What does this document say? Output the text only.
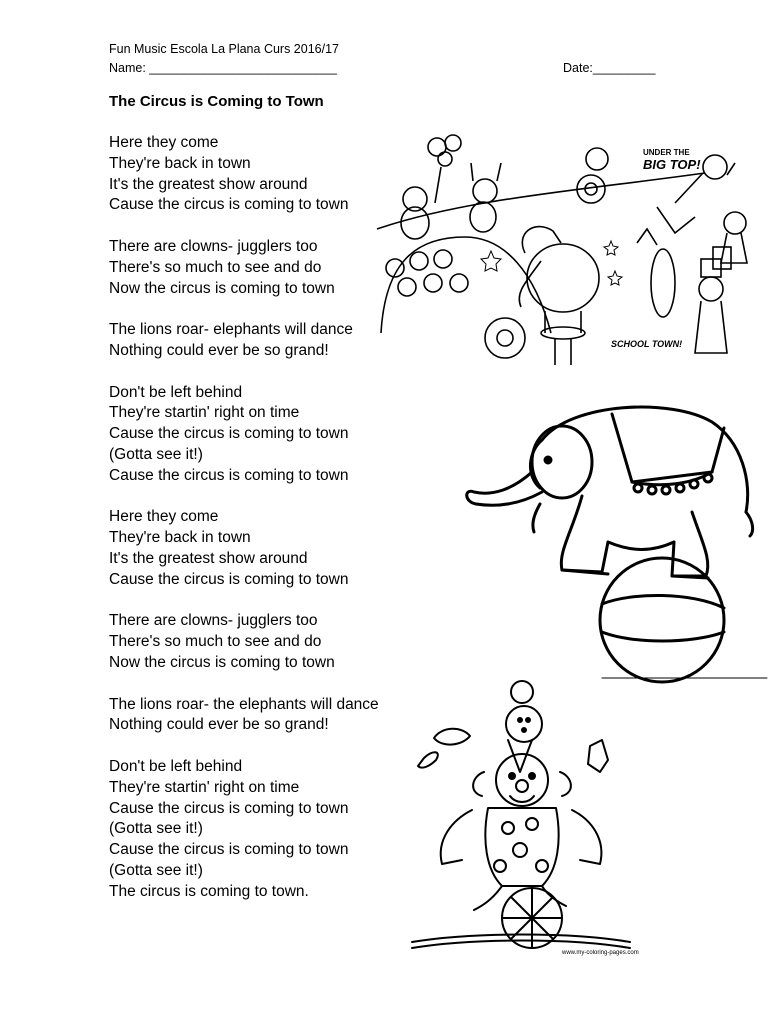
Fun Music Escola La Plana Curs 2016/17
Name: ___________________________	Date:_________
The Circus is Coming to Town
Here they come
They're back in town
It's the greatest show around
Cause the circus is coming to town
There are clowns- jugglers too
There's so much to see and do
Now the circus is coming to town
The lions roar- elephants will dance
Nothing could ever be so grand!
Don't be left behind
They're startin' right on time
Cause the circus is coming to town
(Gotta see it!)
Cause the circus is coming to town
Here they come
They're back in town
It's the greatest show around
Cause the circus is coming to town
There are clowns- jugglers too
There's so much to see and do
Now the circus is coming to town
The lions roar- the elephants will dance
Nothing could ever be so grand!
Don't be left behind
They're startin' right on time
Cause the circus is coming to town
(Gotta see it!)
Cause the circus is coming to town
(Gotta see it!)
The circus is coming to town.
UNDER THE
BIG TOP!
SCHOOL TOWN!
www.my-coloring-pages.com
